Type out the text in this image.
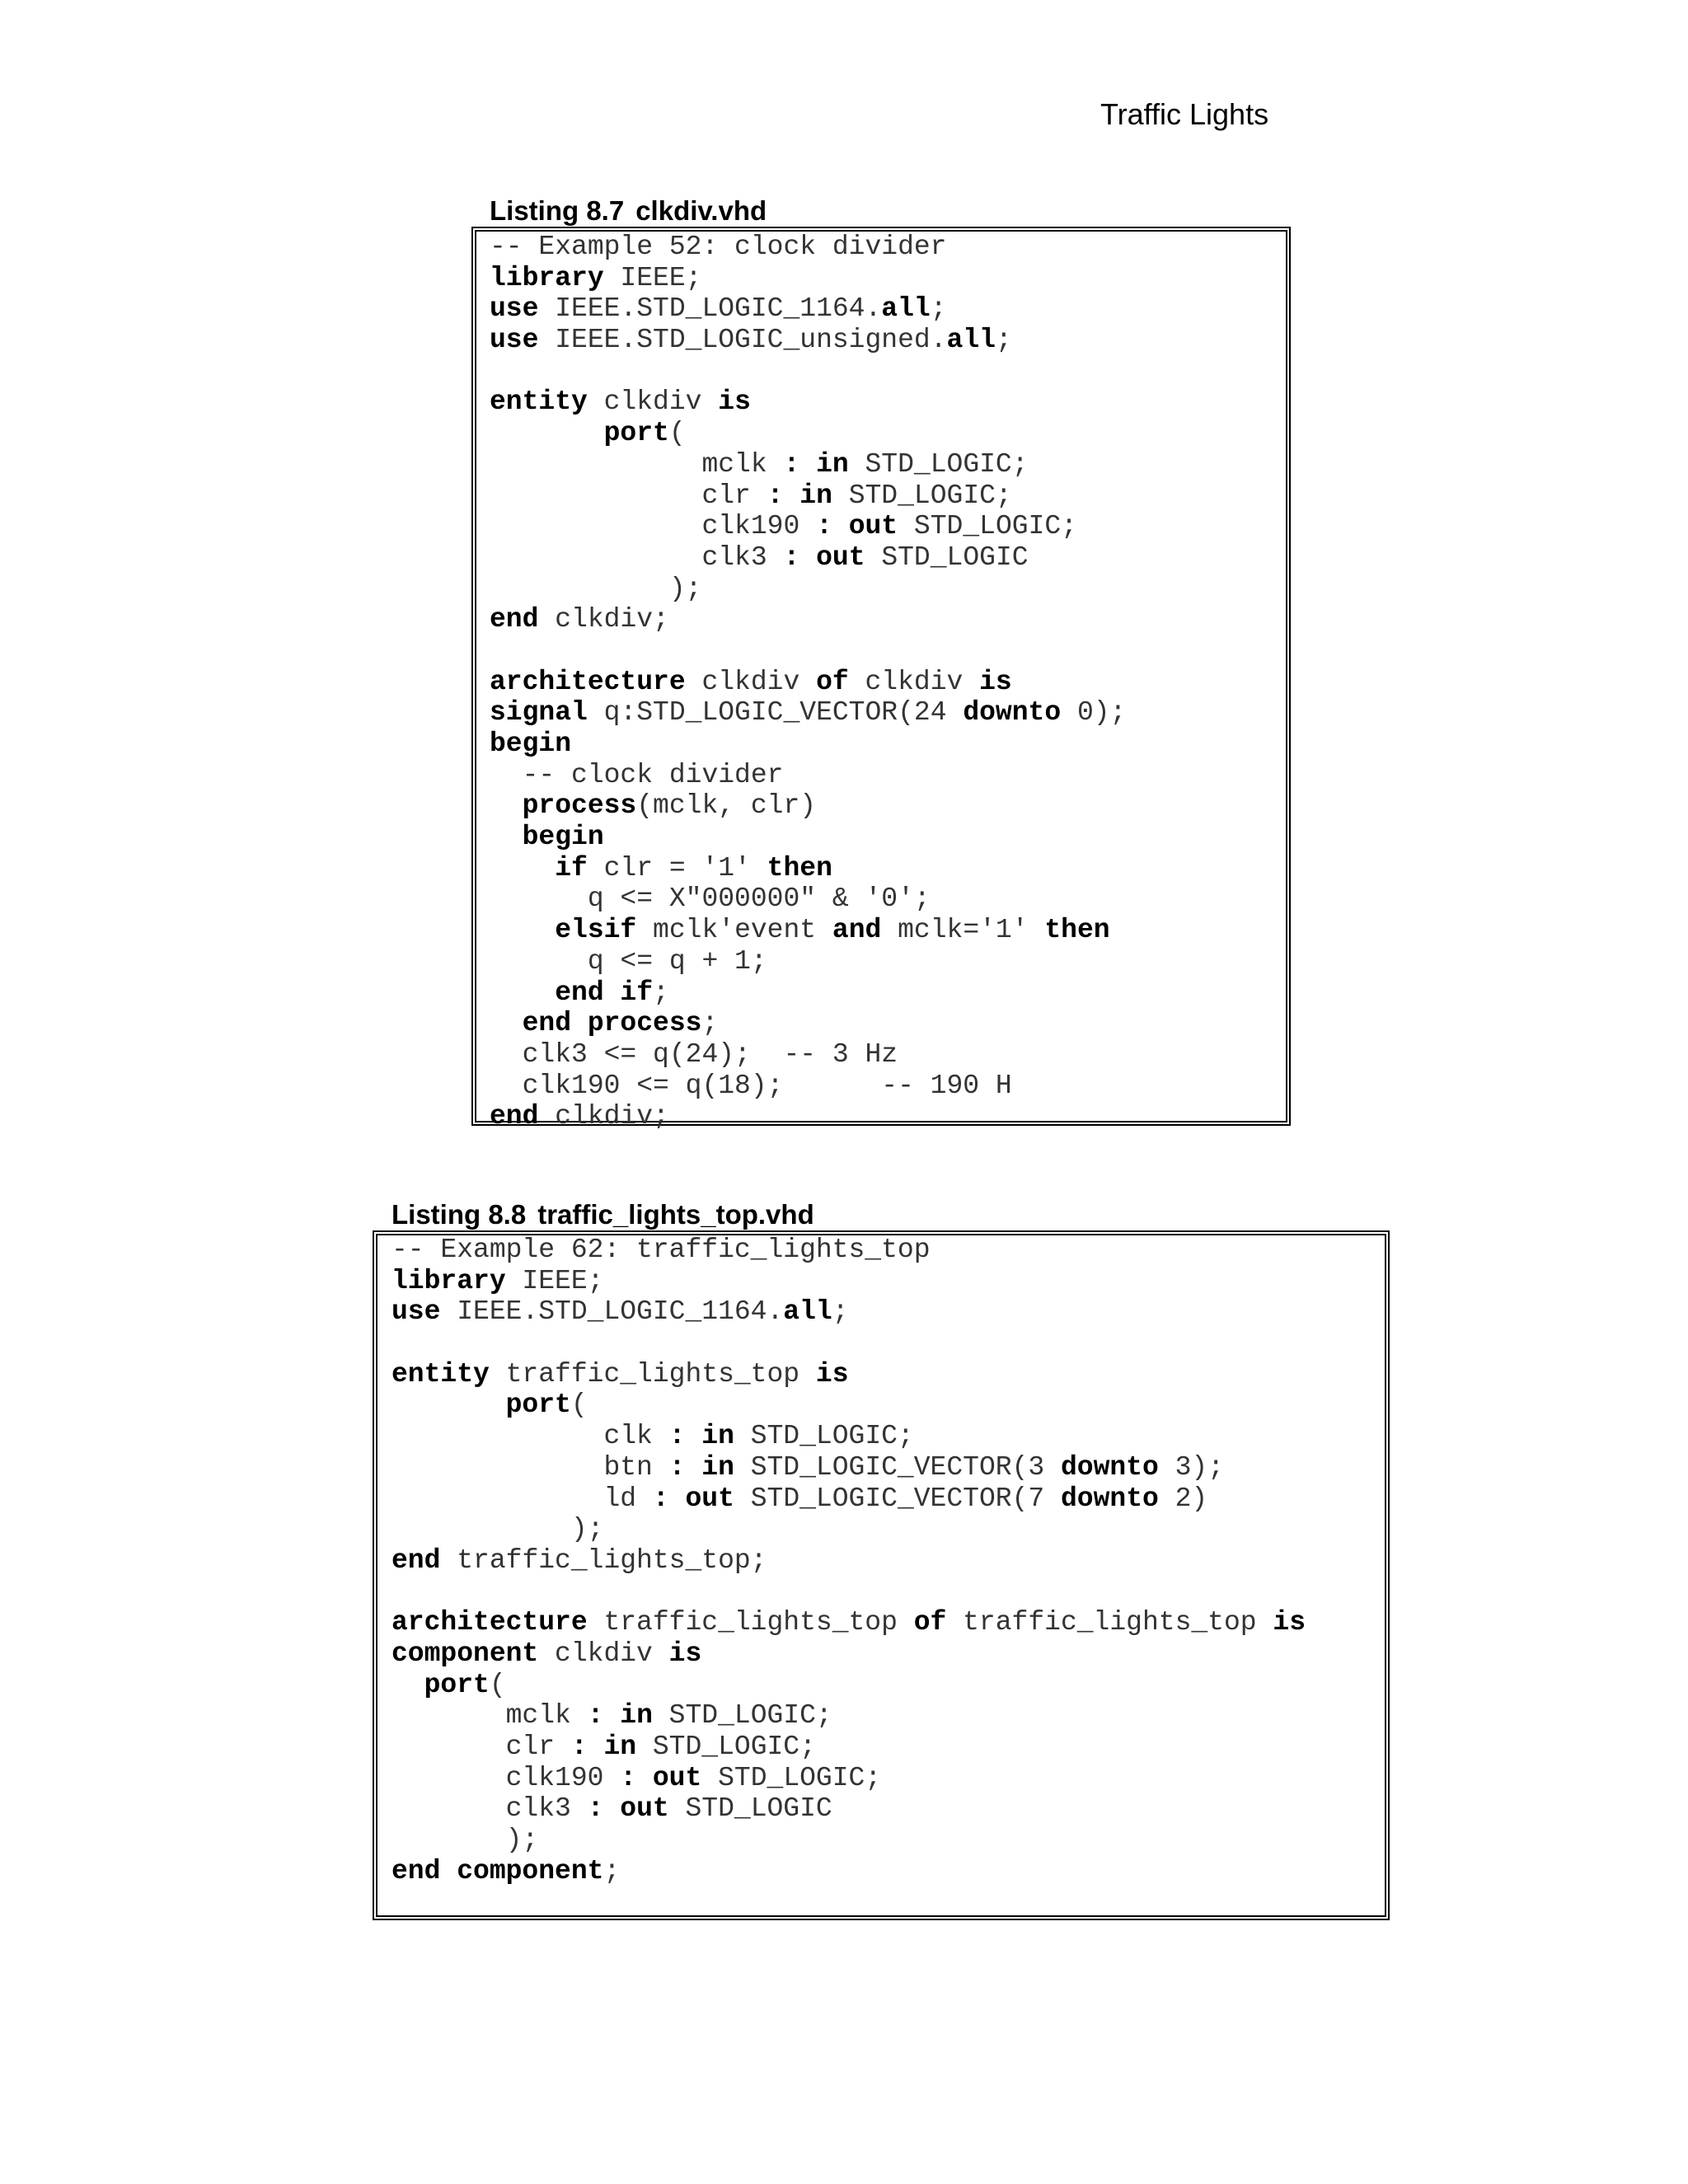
Traffic Lights
Listing 8.7 clkdiv.vhd
-- Example 52: clock divider
library IEEE;
use IEEE.STD_LOGIC_1164.all;
use IEEE.STD_LOGIC_unsigned.all;
entity clkdiv is
port(
mclk : in STD_LOGIC;
clr : in STD_LOGIC;
clk190 : out STD_LOGIC;
clk3 : out STD_LOGIC
);
end clkdiv;
architecture clkdiv of clkdiv is
signal q:STD_LOGIC_VECTOR(24 downto 0);
begin
-- clock divider
process(mclk, clr)
begin
if clr = '1' then
q <= X"000000" & '0';
elsif mclk'event and mclk='1' then
q <= q + 1;
end if;
end process;
clk3 <= q(24);  -- 3 Hz
clk190 <= q(18);      -- 190 H
end clkdiv;
Listing 8.8 traffic_lights_top.vhd
-- Example 62: traffic_lights_top
library IEEE;
use IEEE.STD_LOGIC_1164.all;
entity traffic_lights_top is
port(
clk : in STD_LOGIC;
btn : in STD_LOGIC_VECTOR(3 downto 3);
ld : out STD_LOGIC_VECTOR(7 downto 2)
);
end traffic_lights_top;
architecture traffic_lights_top of traffic_lights_top is
component clkdiv is
port(
mclk : in STD_LOGIC;
clr : in STD_LOGIC;
clk190 : out STD_LOGIC;
clk3 : out STD_LOGIC
);
end component;
